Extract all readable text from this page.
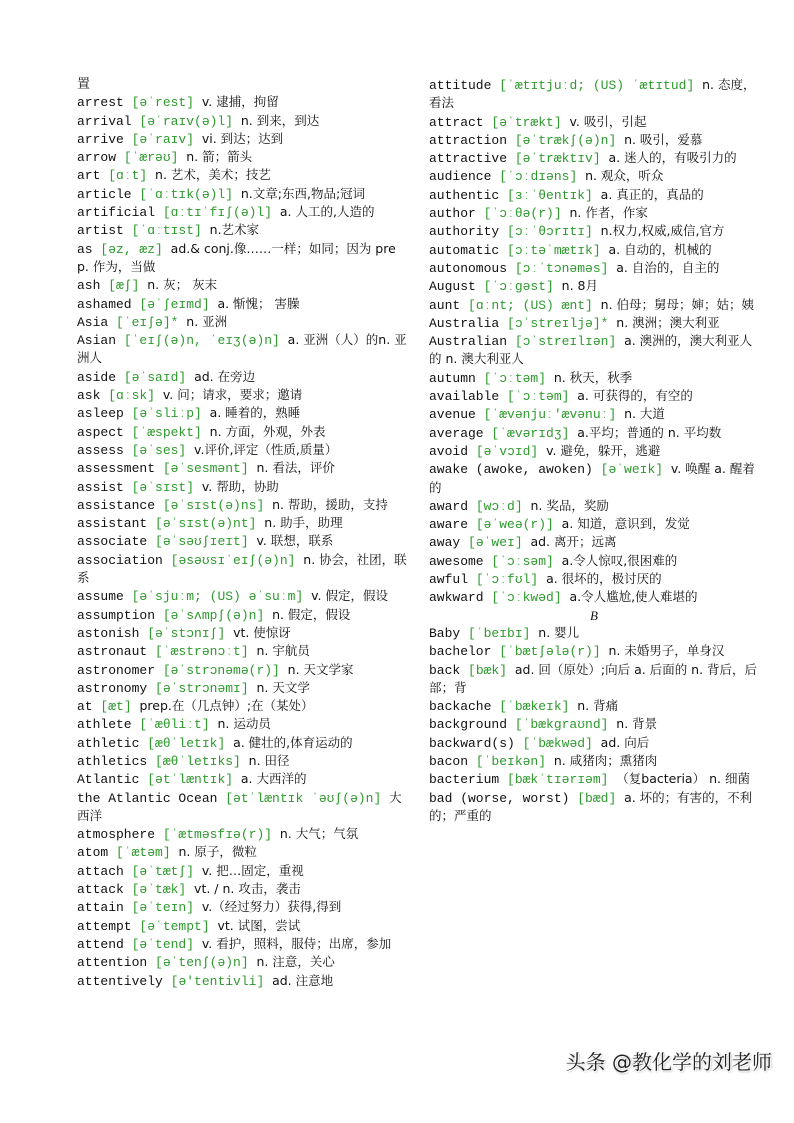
置
arrest [əˈrest] v. 逮捕，拘留
arrival [əˈraɪv(ə)l] n. 到来，到达
arrive [əˈraɪv] vi. 到达；达到
arrow [ˈærəʊ] n. 箭；箭头
art [ɑːt] n. 艺术，美术；技艺
article [ˈɑːtɪk(ə)l] n.文章;东西,物品;冠词
artificial [ɑːtɪˈfɪʃ(ə)l] a. 人工的,人造的
artist [ˈɑːtɪst] n.艺术家
as [əz, æz] ad.& conj.像……一样；如同；因为 prep. 作为，当做
ash [æʃ] n. 灰； 灰末
ashamed [əˈʃeɪmd] a. 惭愧； 害臊
Asia [ˈeɪʃə]* n. 亚洲
Asian [ˈeɪʃ(ə)n, ˈeɪʒ(ə)n] a. 亚洲（人）的n. 亚洲人
aside [əˈsaɪd] ad. 在旁边
ask [ɑːsk] v. 问；请求，要求；邀请
asleep [əˈsliːp] a. 睡着的，熟睡
aspect [ˈæspekt] n. 方面，外观，外表
assess [əˈses] v.评价,评定（性质,质量）
assessment [əˈsesmənt] n. 看法，评价
assist [əˈsɪst] v. 帮助，协助
assistance [əˈsɪst(ə)ns] n. 帮助，援助，支持
assistant [əˈsɪst(ə)nt] n. 助手，助理
associate [əˈsəʊʃɪeɪt] v. 联想，联系
association [əsəʊsɪˈeɪʃ(ə)n] n. 协会，社团，联系
assume [əˈsjuːm; (US) əˈsuːm] v. 假定，假设
assumption [əˈsʌmpʃ(ə)n] n. 假定，假设
astonish [əˈstɔnɪʃ] vt. 使惊讶
astronaut [ˈæstrənɔːt] n. 宇航员
astronomer [əˈstrɔnəmə(r)] n. 天文学家
astronomy [əˈstrɔnəmɪ] n. 天文学
at [æt] prep.在（几点钟）;在（某处）
athlete [ˈæθliːt] n. 运动员
athletic [æθˈletɪk] a. 健壮的,体育运动的
athletics [æθˈletɪks] n. 田径
Atlantic [ətˈlæntɪk] a. 大西洋的
the Atlantic Ocean [ətˈlæntɪk ˈəʊʃ(ə)n] 大西洋
atmosphere [ˈætməsfɪə(r)] n. 大气；气氛
atom [ˈætəm] n. 原子，微粒
attach [əˈtætʃ] v. 把…固定，重视
attack [əˈtæk] vt. / n. 攻击，袭击
attain [əˈteɪn] v.（经过努力）获得,得到
attempt [əˈtempt] vt. 试图，尝试
attend [əˈtend] v. 看护，照料，服侍；出席，参加
attention [əˈtenʃ(ə)n] n. 注意，关心
attentively [ə'tentivli] ad. 注意地
attitude [ˈætɪtjuːd; (US) ˈætɪtud] n. 态度，看法
attract [əˈtrækt] v. 吸引，引起
attraction [əˈtrækʃ(ə)n] n. 吸引，爱慕
attractive [əˈtræktɪv] a. 迷人的，有吸引力的
audience [ˈɔːdɪəns] n. 观众，听众
authentic [ɜːˈθentɪk] a. 真正的，真品的
author [ˈɔːθə(r)] n. 作者，作家
authority [ɔːˈθɔrɪtɪ] n.权力,权威,威信,官方
automatic [ɔːtəˈmætɪk] a. 自动的，机械的
autonomous [ɔːˈtɔnəməs] a. 自治的，自主的
August [ˈɔːgəst] n. 8月
aunt [ɑːnt; (US) ænt] n. 伯母；舅母；婶；姑；姨
Australia [ɔˈstreɪljə]* n. 澳洲；澳大利亚
Australian [ɔˈstreɪlɪən] a. 澳洲的，澳大利亚人的 n. 澳大利亚人
autumn [ˈɔːtəm] n. 秋天，秋季
available [ˈɔːtəm] a. 可获得的，有空的
avenue [ˈævənjuː'ævənuː] n. 大道
average [ˈævərɪdʒ] a.平均；普通的 n. 平均数
avoid [əˈvɔɪd] v. 避免，躲开，逃避
awake (awoke, awoken) [əˈweɪk] v. 唤醒 a. 醒着的
award [wɔːd] n. 奖品，奖励
aware [əˈweə(r)] a. 知道，意识到，发觉
away [əˈweɪ] ad. 离开；远离
awesome [ˈɔːsəm] a.令人惊叹,很困难的
awful [ˈɔːfʊl] a. 很坏的，极讨厌的
awkward [ˈɔːkwəd] a.令人尴尬,使人难堪的
B
Baby [ˈbeɪbɪ] n. 婴儿
bachelor [ˈbætʃələ(r)] n. 未婚男子，单身汉
back [bæk] ad. 回（原处）;向后 a. 后面的 n. 背后，后部；背
backache [ˈbækeɪk] n. 背痛
background [ˈbækgraʊnd] n. 背景
backward(s) [ˈbækwəd] ad. 向后
bacon [ˈbeɪkən] n. 咸猪肉；熏猪肉
bacterium [bækˈtɪərɪəm] （复bacteria） n. 细菌
bad (worse, worst) [bæd] a. 坏的；有害的，不利的；严重的
头条 @教化学的刘老师
